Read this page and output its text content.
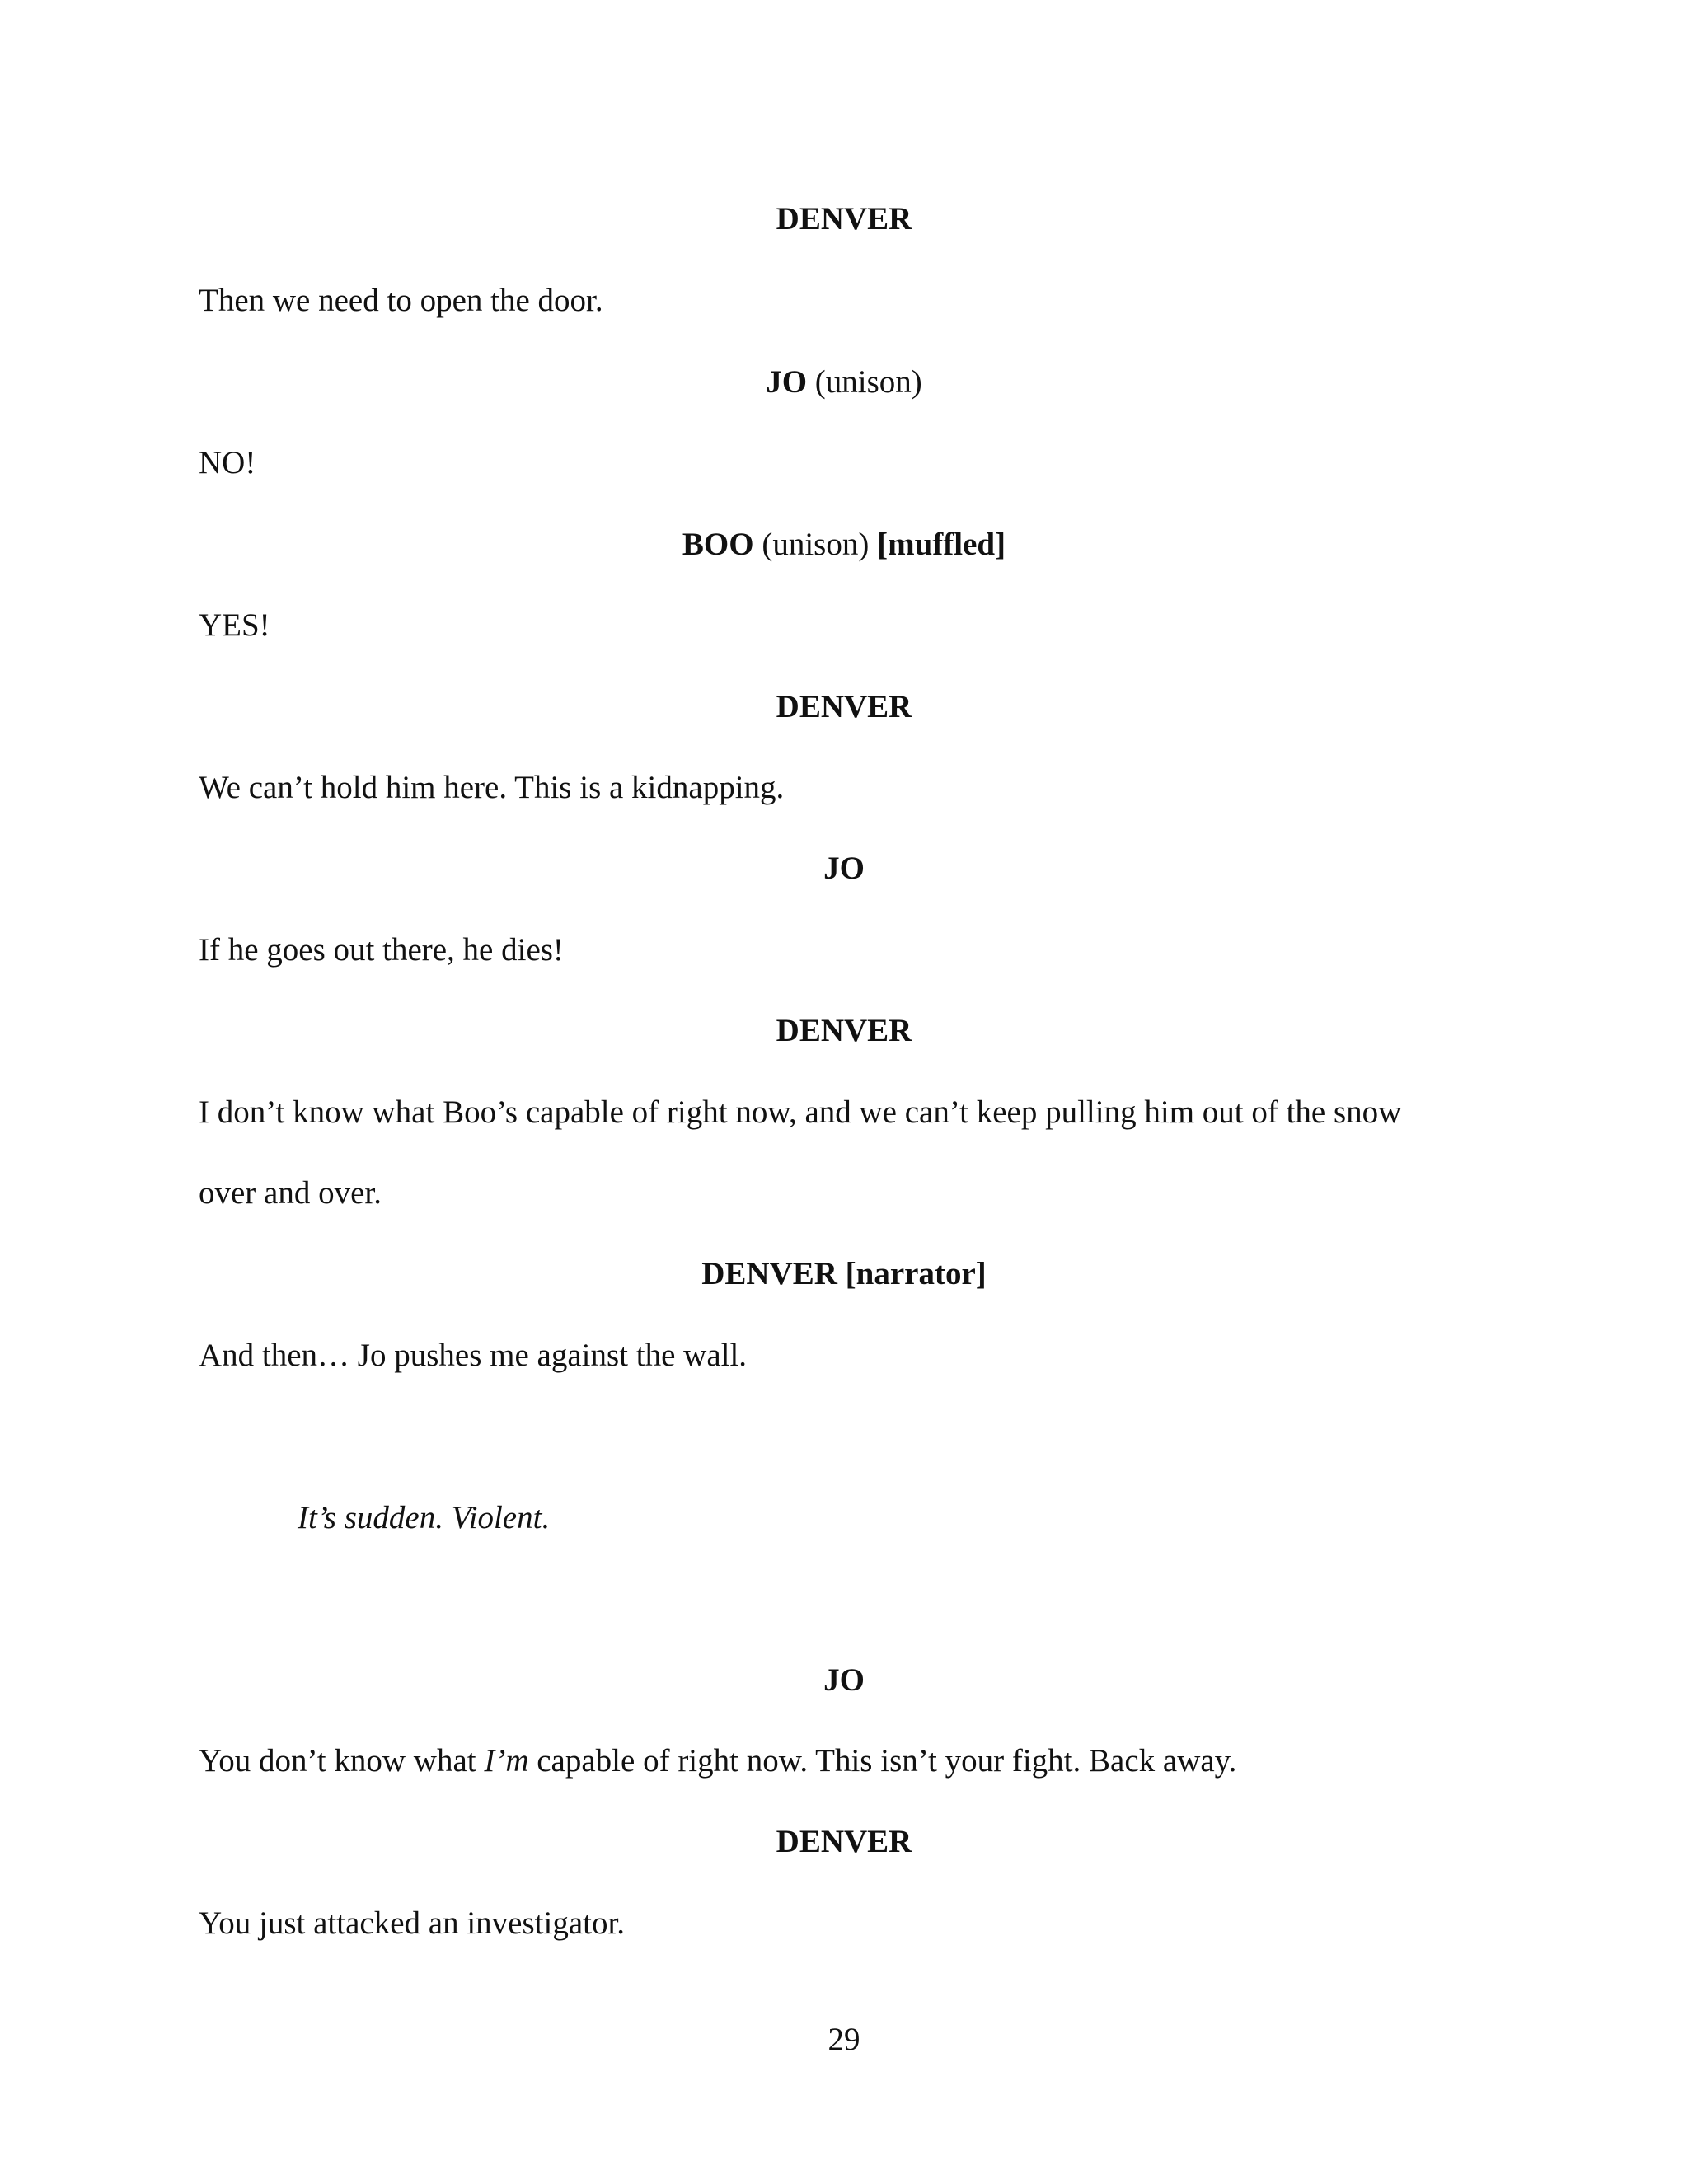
DENVER
Then we need to open the door.
JO (unison)
NO!
BOO (unison) [muffled]
YES!
DENVER
We can’t hold him here. This is a kidnapping.
JO
If he goes out there, he dies!
DENVER
I don’t know what Boo’s capable of right now, and we can’t keep pulling him out of the snow
over and over.
DENVER [narrator]
And then… Jo pushes me against the wall.
It’s sudden. Violent.
JO
You don’t know what I’m capable of right now. This isn’t your fight. Back away.
DENVER
You just attacked an investigator.
29
